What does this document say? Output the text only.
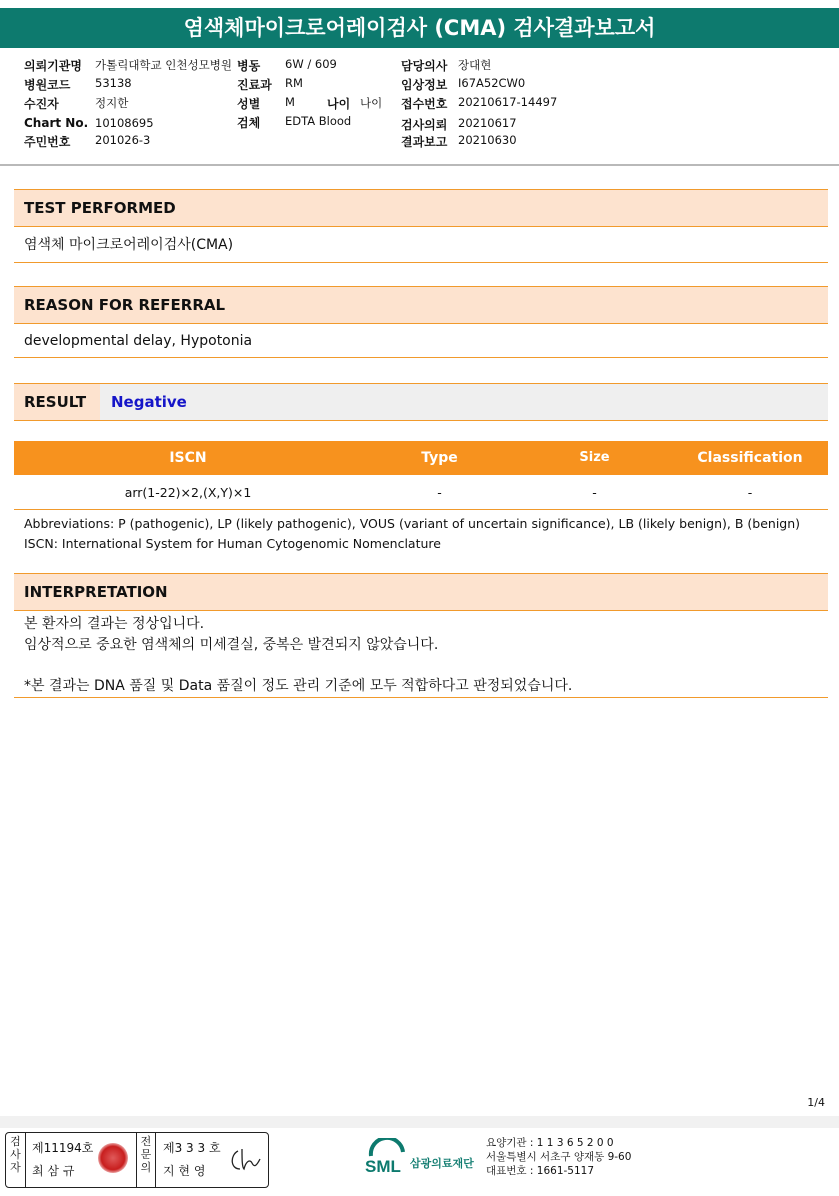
염색체마이크로어레이검사 (CMA) 검사결과보고서
의뢰기관명 가톨릭대학교 인천성모병원
병원코드 53138
수진자	정지한
Chart No. 10108695
주민번호 201026-3
병동 6W / 609
진료과 RM
성별 M	나이 나이
검체 EDTA Blood
담당의사 장대현
임상정보 I67A52CW0
접수번호 20210617-14497
검사의뢰 20210617
결과보고 20210630
TEST PERFORMED
염색체 마이크로어레이검사(CMA)
REASON FOR REFERRAL
developmental delay, Hypotonia
RESULT	Negative
ISCN	Type	Size	Classification
arr(1-22)×2,(X,Y)×1	-	-	-
Abbreviations: P (pathogenic), LP (likely pathogenic), VOUS (variant of uncertain significance), LB (likely benign), B (benign)
ISCN: International System for Human Cytogenomic Nomenclature
INTERPRETATION
본 환자의 결과는 정상입니다.
임상적으로 중요한 염색체의 미세결실, 중복은 발견되지 않았습니다.
*본 결과는 DNA 품질 및 Data 품질이 정도 관리 기준에 모두 적합하다고 판정되었습니다.
1/4
검
사
자
제11194호
최 삼 규
전
문
의
제3 3 3 호
지 현 영	SML 삼광의료재단
요양기관 : 1 1 3 6 5 2 0 0
서울특별시 서초구 양재동 9-60
대표번호 : 1661-5117
